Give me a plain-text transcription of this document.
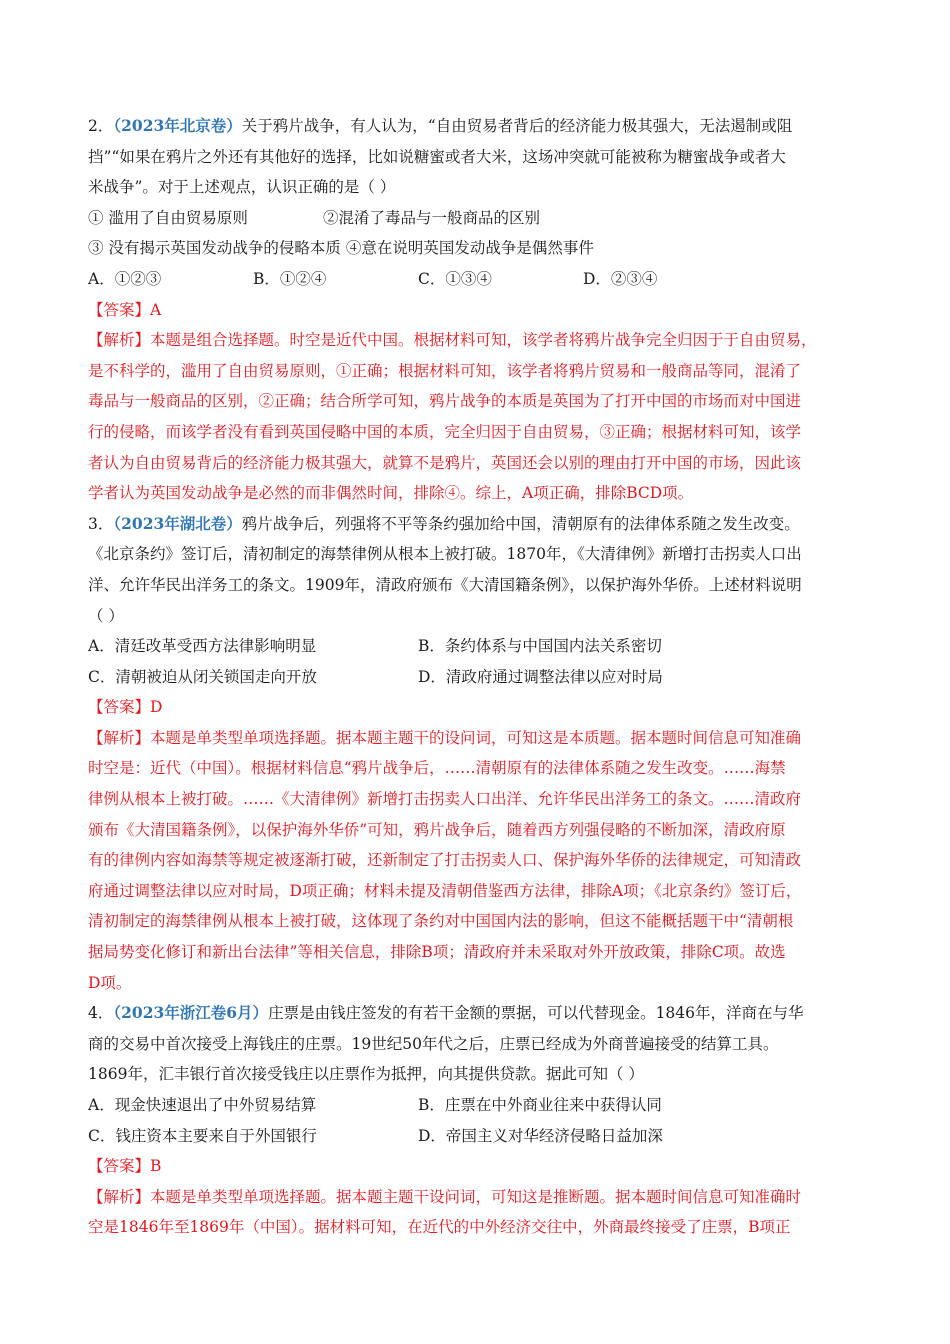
2．（2023年北京卷）关于鸦片战争，有人认为，“自由贸易者背后的经济能力极其强大，无法遏制或阻
挡”“如果在鸦片之外还有其他好的选择，比如说糖蜜或者大米，这场冲突就可能被称为糖蜜战争或者大
米战争”。对于上述观点，认识正确的是（ ）
① 滥用了自由贸易原则	②混淆了毒品与一般商品的区别
③ 没有揭示英国发动战争的侵略本质 ④意在说明英国发动战争是偶然事件
A．①②③	B．①②④	C．①③④	D．②③④
【答案】A
【解析】本题是组合选择题。时空是近代中国。根据材料可知，该学者将鸦片战争完全归因于于自由贸易，
是不科学的，滥用了自由贸易原则，①正确；根据材料可知，该学者将鸦片贸易和一般商品等同，混淆了
毒品与一般商品的区别，②正确；结合所学可知，鸦片战争的本质是英国为了打开中国的市场而对中国进
行的侵略，而该学者没有看到英国侵略中国的本质，完全归因于自由贸易，③正确；根据材料可知，该学
者认为自由贸易背后的经济能力极其强大，就算不是鸦片，英国还会以别的理由打开中国的市场，因此该
学者认为英国发动战争是必然的而非偶然时间，排除④。综上，A项正确，排除BCD项。
3．（2023年湖北卷）鸦片战争后，列强将不平等条约强加给中国，清朝原有的法律体系随之发生改变。
《北京条约》签订后，清初制定的海禁律例从根本上被打破。1870年，《大清律例》新增打击拐卖人口出
洋、允许华民出洋务工的条文。1909年，清政府颁布《大清国籍条例》，以保护海外华侨。上述材料说明
（ ）
A．清廷改革受西方法律影响明显	B．条约体系与中国国内法关系密切
C．清朝被迫从闭关锁国走向开放	D．清政府通过调整法律以应对时局
【答案】D
【解析】本题是单类型单项选择题。据本题主题干的设问词，可知这是本质题。据本题时间信息可知准确
时空是：近代（中国）。根据材料信息“鸦片战争后，……清朝原有的法律体系随之发生改变。……海禁
律例从根本上被打破。……《大清律例》新增打击拐卖人口出洋、允许华民出洋务工的条文。……清政府
颁布《大清国籍条例》，以保护海外华侨”可知，鸦片战争后，随着西方列强侵略的不断加深，清政府原
有的律例内容如海禁等规定被逐渐打破，还新制定了打击拐卖人口、保护海外华侨的法律规定，可知清政
府通过调整法律以应对时局，D项正确；材料未提及清朝借鉴西方法律，排除A项；《北京条约》签订后，
清初制定的海禁律例从根本上被打破，这体现了条约对中国国内法的影响，但这不能概括题干中“清朝根
据局势变化修订和新出台法律”等相关信息，排除B项；清政府并未采取对外开放政策，排除C项。故选
D项。
4．（2023年浙江卷6月）庄票是由钱庄签发的有若干金额的票据，可以代替现金。1846年，洋商在与华
商的交易中首次接受上海钱庄的庄票。19世纪50年代之后，庄票已经成为外商普遍接受的结算工具。
1869年，汇丰银行首次接受钱庄以庄票作为抵押，向其提供贷款。据此可知（ ）
A．现金快速退出了中外贸易结算	B．庄票在中外商业往来中获得认同
C．钱庄资本主要来自于外国银行	D．帝国主义对华经济侵略日益加深
【答案】B
【解析】本题是单类型单项选择题。据本题主题干设问词，可知这是推断题。据本题时间信息可知准确时
空是1846年至1869年（中国）。据材料可知，在近代的中外经济交往中，外商最终接受了庄票，B项正
